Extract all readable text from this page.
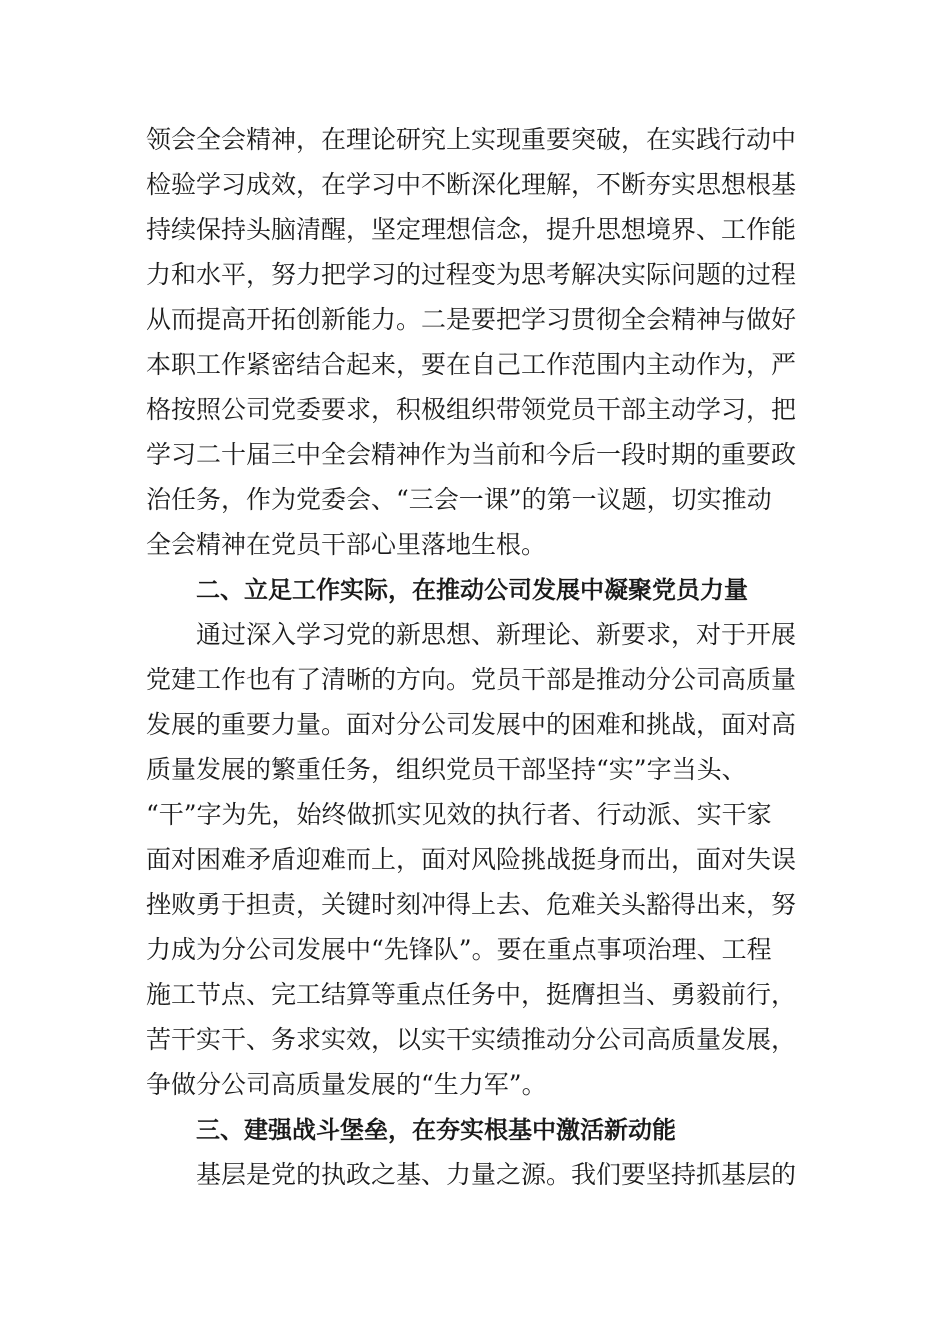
领会全会精神，在理论研究上实现重要突破，在实践行动中
检验学习成效，在学习中不断深化理解，不断夯实思想根基
持续保持头脑清醒，坚定理想信念，提升思想境界、工作能
力和水平，努力把学习的过程变为思考解决实际问题的过程
从而提高开拓创新能力。二是要把学习贯彻全会精神与做好
本职工作紧密结合起来，要在自己工作范围内主动作为，严
格按照公司党委要求，积极组织带领党员干部主动学习，把
学习二十届三中全会精神作为当前和今后一段时期的重要政
治任务，作为党委会、“三会一课”的第一议题，切实推动
全会精神在党员干部心里落地生根。
二、立足工作实际，在推动公司发展中凝聚党员力量
通过深入学习党的新思想、新理论、新要求，对于开展
党建工作也有了清晰的方向。党员干部是推动分公司高质量
发展的重要力量。面对分公司发展中的困难和挑战，面对高
质量发展的繁重任务，组织党员干部坚持“实”字当头、
“干”字为先，始终做抓实见效的执行者、行动派、实干家
面对困难矛盾迎难而上，面对风险挑战挺身而出，面对失误
挫败勇于担责，关键时刻冲得上去、危难关头豁得出来，努
力成为分公司发展中“先锋队”。要在重点事项治理、工程
施工节点、完工结算等重点任务中，挺膺担当、勇毅前行，
苦干实干、务求实效，以实干实绩推动分公司高质量发展，
争做分公司高质量发展的“生力军”。
三、建强战斗堡垒，在夯实根基中激活新动能
基层是党的执政之基、力量之源。我们要坚持抓基层的
